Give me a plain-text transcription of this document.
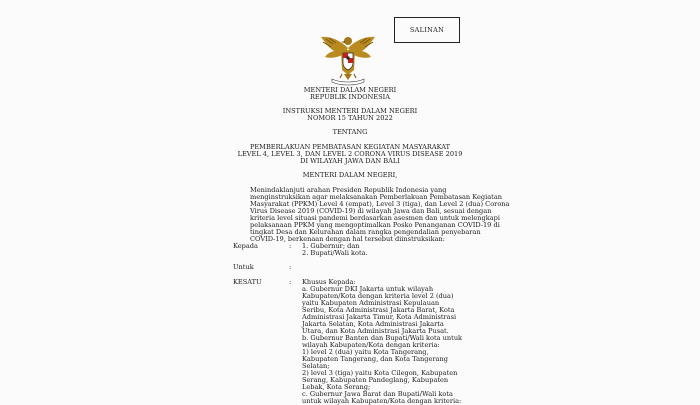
SALINAN
MENTERI DALAM NEGERI
REPUBLIK INDONESIA
INSTRUKSI MENTERI DALAM NEGERI
NOMOR 15 TAHUN 2022
TENTANG
PEMBERLAKUAN PEMBATASAN KEGIATAN MASYARAKAT
LEVEL 4, LEVEL 3, DAN LEVEL 2 CORONA VIRUS DISEASE 2019
DI WILAYAH JAWA DAN BALI
MENTERI DALAM NEGERI,
Menindaklanjuti arahan Presiden Republik Indonesia yang
menginstruksikan agar melaksanakan Pemberlakuan Pembatasan Kegiatan
Masyarakat (PPKM) Level 4 (empat), Level 3 (tiga), dan Level 2 (dua) Corona
Virus Disease 2019 (COVID-19) di wilayah Jawa dan Bali, sesuai dengan
kriteria level situasi pandemi berdasarkan asesmen dan untuk melengkapi
pelaksanaan PPKM yang mengoptimalkan Posko Penanganan COVID-19 di
tingkat Desa dan Kelurahan dalam rangka pengendalian penyebaran
COVID-19, berkenaan dengan hal tersebut diinstruksikan:
Kepada	: 1. Gubernur; dan
2. Bupati/Wali kota.
Untuk	:
KESATU	: Khusus Kepada:
a. Gubernur DKI Jakarta untuk wilayah
Kabupaten/Kota dengan kriteria level 2 (dua)
yaitu Kabupaten Administrasi Kepulauan
Seribu, Kota Administrasi Jakarta Barat, Kota
Administrasi Jakarta Timur, Kota Administrasi
Jakarta Selatan, Kota Administrasi Jakarta
Utara, dan Kota Administrasi Jakarta Pusat.
b. Gubernur Banten dan Bupati/Wali kota untuk
wilayah Kabupaten/Kota dengan kriteria:
1) level 2 (dua) yaitu Kota Tangerang,
Kabupaten Tangerang, dan Kota Tangerang
Selatan;
2) level 3 (tiga) yaitu Kota Cilegon, Kabupaten
Serang, Kabupaten Pandeglang, Kabupaten
Lebak, Kota Serang;
c. Gubernur Jawa Barat dan Bupati/Wali kota
untuk wilayah Kabupaten/Kota dengan kriteria:
